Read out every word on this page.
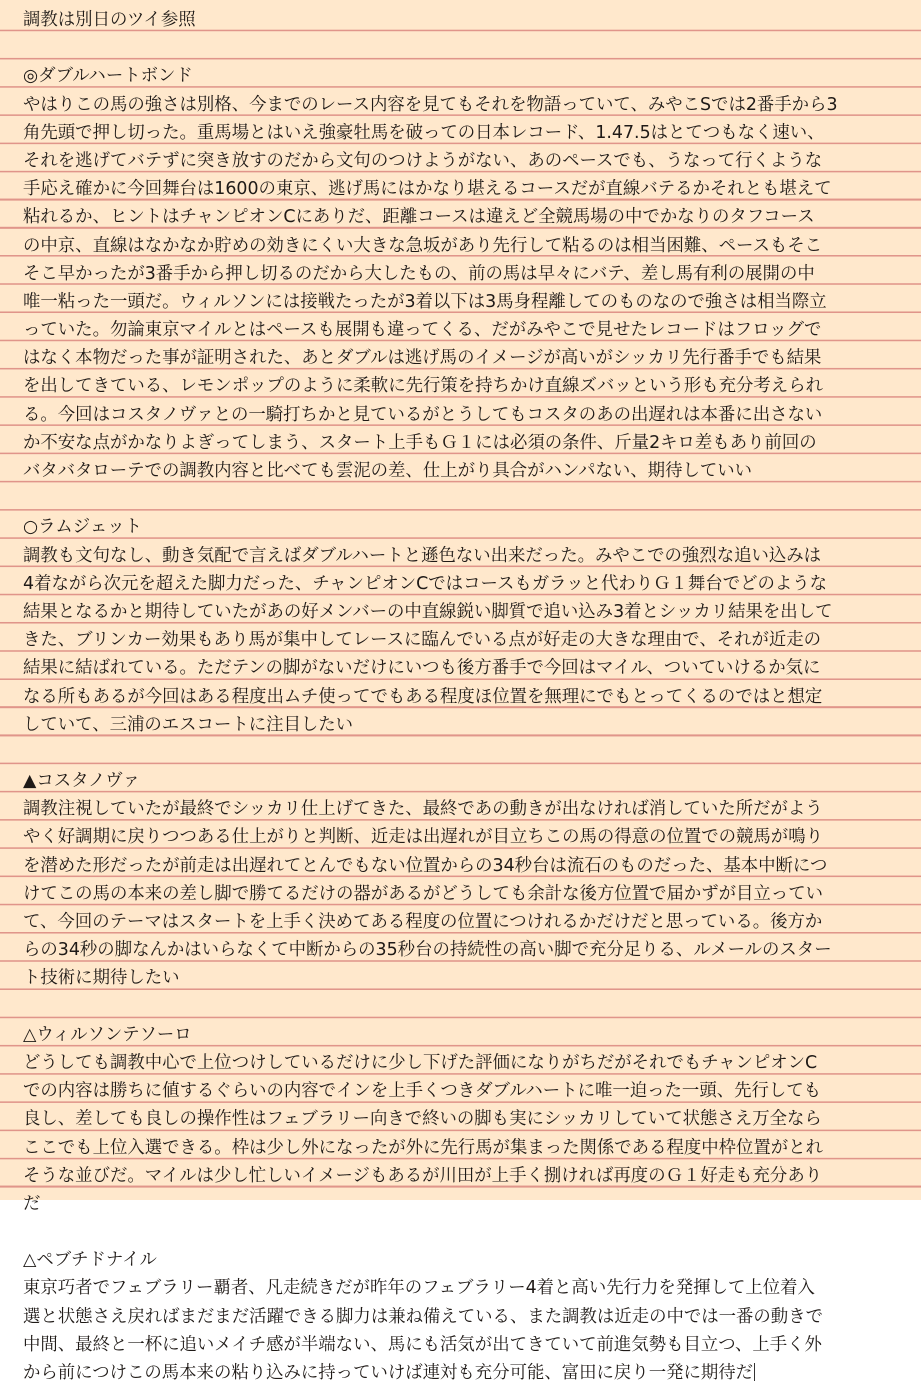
調教は別日のツイ参照
◎ダブルハートボンド
やはりこの馬の強さは別格、今までのレース内容を見てもそれを物語っていて、みやこSでは2番手から3
角先頭で押し切った。重馬場とはいえ強豪牡馬を破っての日本レコード、1.47.5はとてつもなく速い、
それを逃げてバテずに突き放すのだから文句のつけようがない、あのペースでも、うなって行くような
手応え確かに今回舞台は1600の東京、逃げ馬にはかなり堪えるコースだが直線バテるかそれとも堪えて
粘れるか、ヒントはチャンピオンCにありだ、距離コースは違えど全競馬場の中でかなりのタフコース
の中京、直線はなかなか貯めの効きにくい大きな急坂があり先行して粘るのは相当困難、ペースもそこ
そこ早かったが3番手から押し切るのだから大したもの、前の馬は早々にバテ、差し馬有利の展開の中
唯一粘った一頭だ。ウィルソンには接戦たったが3着以下は3馬身程離してのものなので強さは相当際立
っていた。勿論東京マイルとはペースも展開も違ってくる、だがみやこで見せたレコードはフロッグで
はなく本物だった事が証明された、あとダブルは逃げ馬のイメージが高いがシッカリ先行番手でも結果
を出してきている、レモンポップのように柔軟に先行策を持ちかけ直線ズバッという形も充分考えられ
る。今回はコスタノヴァとの一騎打ちかと見ているがとうしてもコスタのあの出遅れは本番に出さない
か不安な点がかなりよぎってしまう、スタート上手もＧ１には必須の条件、斤量2キロ差もあり前回の
バタバタローテでの調教内容と比べても雲泥の差、仕上がり具合がハンパない、期待していい
○ラムジェット
調教も文句なし、動き気配で言えばダブルハートと遜色ない出来だった。みやこでの強烈な追い込みは
4着ながら次元を超えた脚力だった、チャンピオンCではコースもガラッと代わりＧ１舞台でどのような
結果となるかと期待していたがあの好メンバーの中直線鋭い脚質で追い込み3着とシッカリ結果を出して
きた、ブリンカー効果もあり馬が集中してレースに臨んでいる点が好走の大きな理由で、それが近走の
結果に結ばれている。ただテンの脚がないだけにいつも後方番手で今回はマイル、ついていけるか気に
なる所もあるが今回はある程度出ムチ使ってでもある程度ほ位置を無理にでもとってくるのではと想定
していて、三浦のエスコートに注目したい
▲コスタノヴァ
調教注視していたが最終でシッカリ仕上げてきた、最終であの動きが出なければ消していた所だがよう
やく好調期に戻りつつある仕上がりと判断、近走は出遅れが目立ちこの馬の得意の位置での競馬が鳴り
を潜めた形だったが前走は出遅れてとんでもない位置からの34秒台は流石のものだった、基本中断につ
けてこの馬の本来の差し脚で勝てるだけの器があるがどうしても余計な後方位置で届かずが目立ってい
て、今回のテーマはスタートを上手く決めてある程度の位置につけれるかだけだと思っている。後方か
らの34秒の脚なんかはいらなくて中断からの35秒台の持続性の高い脚で充分足りる、ルメールのスター
ト技術に期待したい
△ウィルソンテソーロ
どうしても調教中心で上位つけしているだけに少し下げた評価になりがちだがそれでもチャンピオンC
での内容は勝ちに値するぐらいの内容でインを上手くつきダブルハートに唯一迫った一頭、先行しても
良し、差しても良しの操作性はフェブラリー向きで終いの脚も実にシッカリしていて状態さえ万全なら
ここでも上位入選できる。枠は少し外になったが外に先行馬が集まった関係である程度中枠位置がとれ
そうな並びだ。マイルは少し忙しいイメージもあるが川田が上手く捌ければ再度のＧ１好走も充分あり
だ
△ペブチドナイル
東京巧者でフェブラリー覇者、凡走続きだが昨年のフェブラリー4着と高い先行力を発揮して上位着入
選と状態さえ戻ればまだまだ活躍できる脚力は兼ね備えている、また調教は近走の中では一番の動きで
中間、最終と一杯に追いメイチ感が半端ない、馬にも活気が出てきていて前進気勢も目立つ、上手く外
から前につけこの馬本来の粘り込みに持っていけば連対も充分可能、富田に戻り一発に期待だ
